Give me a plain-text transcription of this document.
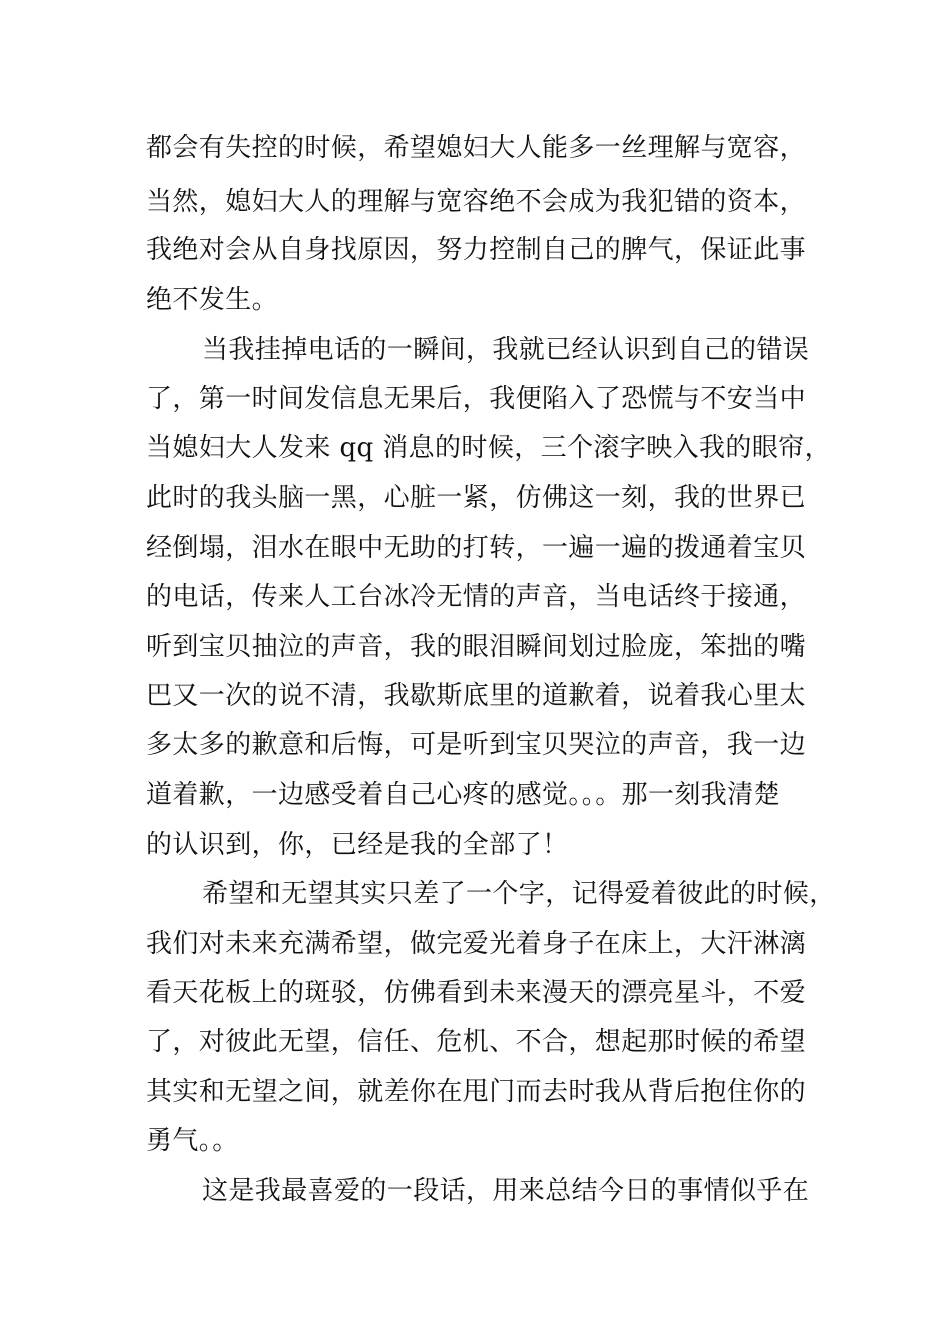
都会有失控的时候，希望媳妇大人能多一丝理解与宽容，
当然，媳妇大人的理解与宽容绝不会成为我犯错的资本，
我绝对会从自身找原因，努力控制自己的脾气，保证此事
绝不发生。
当我挂掉电话的一瞬间，我就已经认识到自己的错误
了，第一时间发信息无果后，我便陷入了恐慌与不安当中
当媳妇大人发来 qq 消息的时候，三个滚字映入我的眼帘，
此时的我头脑一黑，心脏一紧，仿佛这一刻，我的世界已
经倒塌，泪水在眼中无助的打转，一遍一遍的拨通着宝贝
的电话，传来人工台冰冷无情的声音，当电话终于接通，
听到宝贝抽泣的声音，我的眼泪瞬间划过脸庞，笨拙的嘴
巴又一次的说不清，我歇斯底里的道歉着，说着我心里太
多太多的歉意和后悔，可是听到宝贝哭泣的声音，我一边
道着歉，一边感受着自己心疼的感觉。。。那一刻我清楚
的认识到，你，已经是我的全部了！
希望和无望其实只差了一个字，记得爱着彼此的时候，
我们对未来充满希望，做完爱光着身子在床上，大汗淋漓
看天花板上的斑驳，仿佛看到未来漫天的漂亮星斗，不爱
了，对彼此无望，信任、危机、不合，想起那时候的希望
其实和无望之间，就差你在甩门而去时我从背后抱住你的
勇气。。
这是我最喜爱的一段话，用来总结今日的事情似乎在
